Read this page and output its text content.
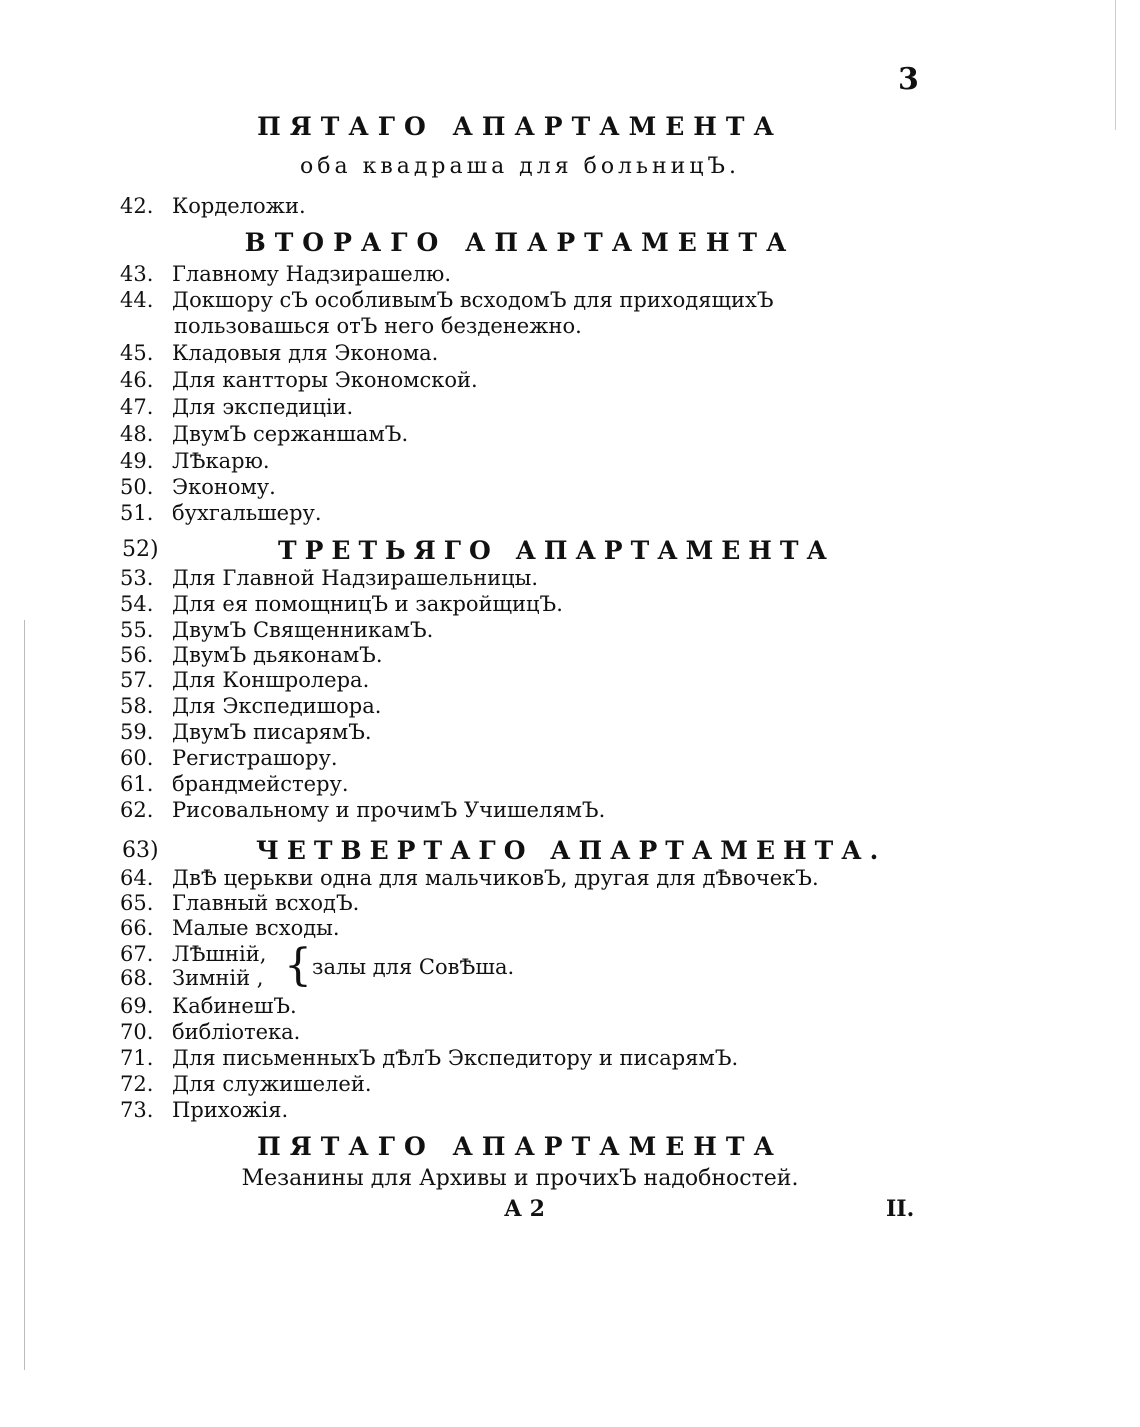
3
ПЯТАГО АПАРТАМЕНТА
оба квадраша для больницЪ.
42. Корделожи.
ВТОРАГО АПАРТАМЕНТА
43. Главному Надзирашелю.
44. Докшору сЪ особливымЪ всходомЪ для приходящихЪ
пользовашься отЪ него безденежно.
45. Кладовыя для Эконома.
46. Для кантторы Экономской.
47. Для экспедицiи.
48. ДвумЪ сержаншамЪ.
49. ЛѢкарю.
50. Эконому.
51. бухгальшеру.
52)	ТРЕТЬЯГО АПАРТАМЕНТА
53. Для Главной Надзирашельницы.
54. Для ея помощницЪ и закройщицЪ.
55. ДвумЪ СвященникамЪ.
56. ДвумЪ дьяконамЪ.
57. Для Коншролера.
58. Для Экспедишора.
59. ДвумЪ писарямЪ.
60. Регистрашору.
61. брандмейстеру.
62. Рисовальному и прочимЪ УчишелямЪ.
63)	ЧЕТВЕРТАГО АПАРТАМЕНТА.
64. ДвѢ церькви одна для мальчиковЪ, другая для дѢвочекЪ.
65. Главный всходЪ.
66. Малые всходы.
67. ЛѢшнiй,
68. Зимнiй , { залы для СовѢша.
69. КабинешЪ.
70. библiотека.
71. Для письменныхЪ дѢлЪ Экспедитору и писарямЪ.
72. Для служишелей.
73. Прихожiя.
ПЯТАГО АПАРТАМЕНТА
Мезанины для Архивы и прочихЪ надобностей.
А 2	II.
